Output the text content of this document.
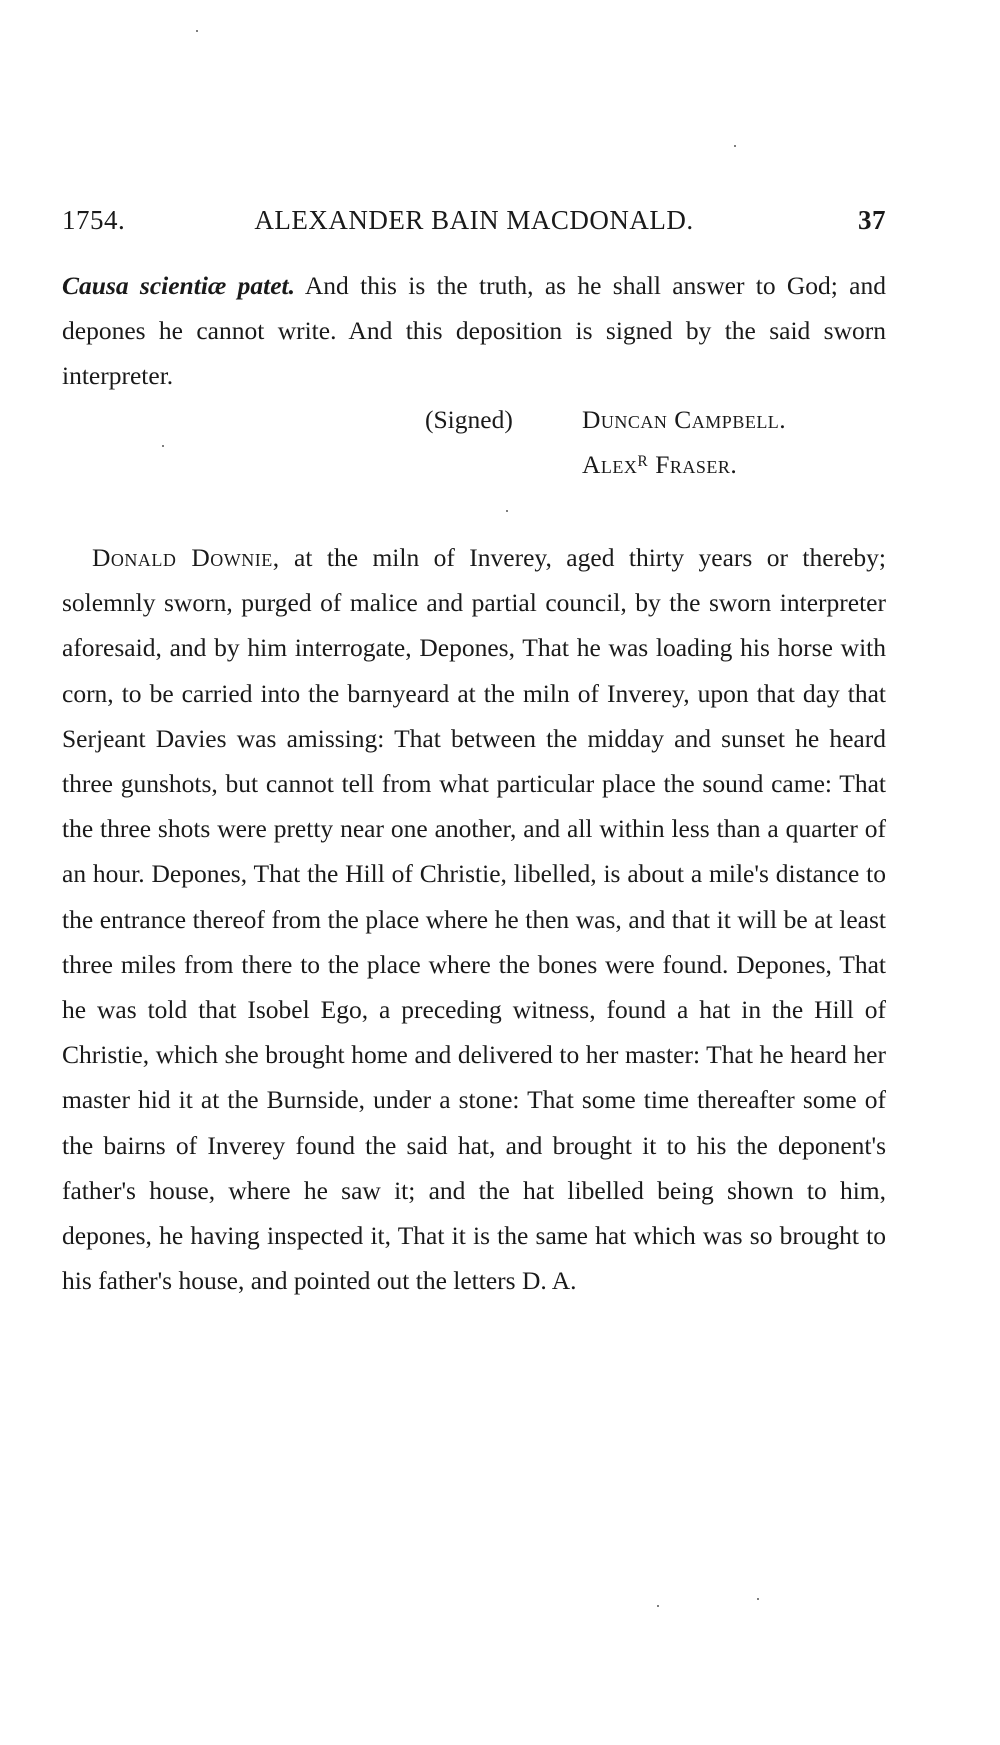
1754.	ALEXANDER BAIN MACDONALD.	37

Causa scientiæ patet. And this is the truth, as he shall answer to God; and depones he cannot write. And this deposition is signed by the said sworn interpreter.

(Signed)	Duncan Campbell.
Alexᴿ Fraser.

Donald Downie, at the miln of Inverey, aged thirty years or thereby; solemnly sworn, purged of malice and partial council, by the sworn interpreter aforesaid, and by him interrogate, Depones, That he was loading his horse with corn, to be carried into the barnyeard at the miln of Inverey, upon that day that Serjeant Davies was amissing: That between the midday and sunset he heard three gunshots, but cannot tell from what particular place the sound came: That the three shots were pretty near one another, and all within less than a quarter of an hour. Depones, That the Hill of Christie, libelled, is about a mile's distance to the entrance thereof from the place where he then was, and that it will be at least three miles from there to the place where the bones were found. Depones, That he was told that Isobel Ego, a preceding witness, found a hat in the Hill of Christie, which she brought home and delivered to her master: That he heard her master hid it at the Burnside, under a stone: That some time thereafter some of the bairns of Inverey found the said hat, and brought it to his the deponent's father's house, where he saw it; and the hat libelled being shown to him, depones, he having inspected it, That it is the same hat which was so brought to his father's house, and pointed out the letters D. A.
